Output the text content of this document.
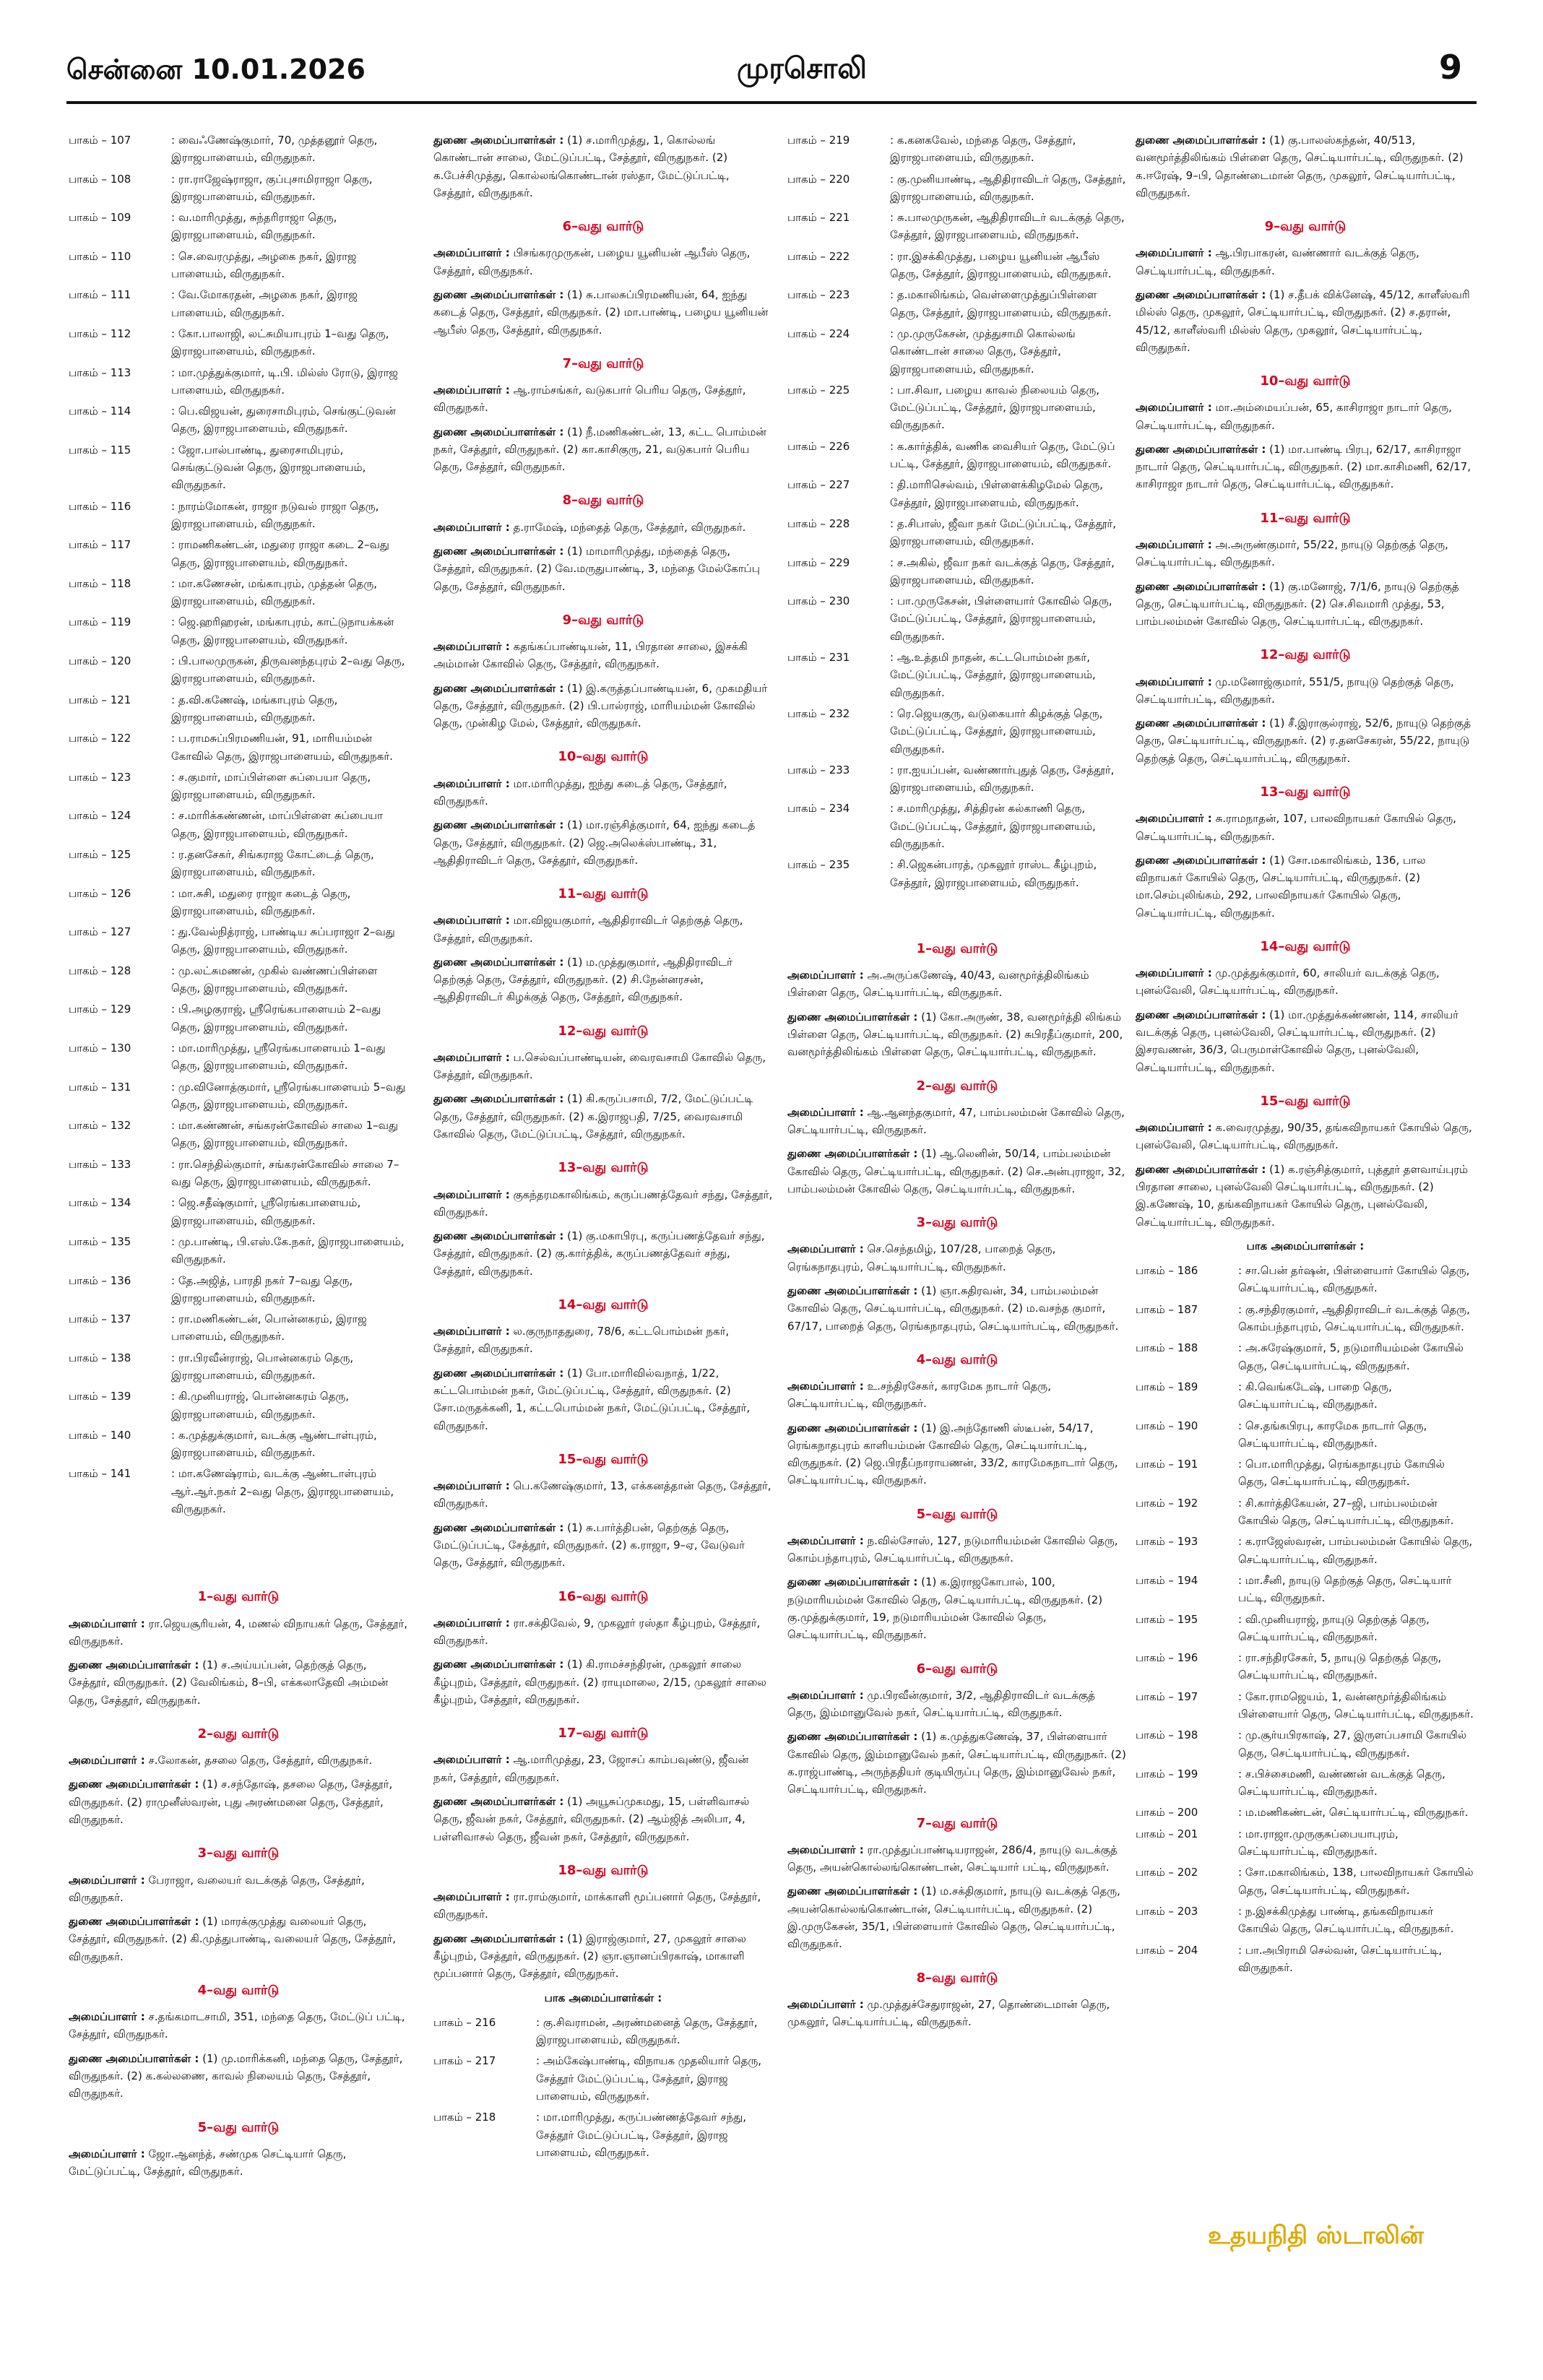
சென்னை 10.01.2026	முரசொலி	9
பாகம் – 107	: வைஃணேஷ்குமார், 70, முத்தனூர் தெரு, இராஜபாளையம், விருதுநகர்.
பாகம் – 108	: ரா.ராஜேஷ்ராஜா, குப்புசாமிராஜா தெரு, இராஜபாளையம், விருதுநகர்.
பாகம் – 109	: வ.மாரிமுத்து, சுந்தரிராஜா தெரு, இராஜபாளையம், விருதுநகர்.
பாகம் – 110	: செ.வைரமுத்து, அழகை நகர், இராஜ பாளையம், விருதுநகர்.
பாகம் – 111	: வே.மோகரதன், அழகை நகர், இராஜ பாளையம், விருதுநகர்.
பாகம் – 112	: கோ.பாலாஜி, லட்சுமியாபுரம் 1–வது தெரு, இராஜபாளையம், விருதுநகர்.
பாகம் – 113	: மா.முத்துக்குமார், டி.பி. மில்ஸ் ரோடு, இராஜ பாளையம், விருதுநகர்.
பாகம் – 114	: பெ.விஜயன், துரைசாமிபுரம், செங்குட்டுவன் தெரு, இராஜபாளையம், விருதுநகர்.
பாகம் – 115	: ஜோ.பால்பாண்டி, துரைசாமிபுரம், செங்குட்டுவன் தெரு, இராஜபாளையம், விருதுநகர்.
பாகம் – 116	: நாரம்மோகன், ராஜா நடுவல் ராஜா தெரு, இராஜபாளையம், விருதுநகர்.
பாகம் – 117	: ராமணிகண்டன், மதுரை ராஜா கடை 2–வது தெரு, இராஜபாளையம், விருதுநகர்.
பாகம் – 118	: மா.கணேசன், மங்காபுரம், முத்தன் தெரு, இராஜபாளையம், விருதுநகர்.
பாகம் – 119	: ஜெ.ஹரிஹரன், மங்காபுரம், காட்டுநாயக்கன் தெரு, இராஜபாளையம், விருதுநகர்.
பாகம் – 120	: பி.பாலமுருகன், திருவனந்தபுரம் 2–வது தெரு, இராஜபாளையம், விருதுநகர்.
பாகம் – 121	: த.வி.கணேஷ், மங்காபுரம் தெரு, இராஜபாளையம், விருதுநகர்.
பாகம் – 122	: ப.ராமசுப்பிரமணியன், 91, மாரியம்மன் கோவில் தெரு, இராஜபாளையம், விருதுநகர்.
பாகம் – 123	: ச.குமார், மாப்பிள்ளை சுப்பையா தெரு, இராஜபாளையம், விருதுநகர்.
பாகம் – 124	: ச.மாரிக்கண்ணன், மாப்பிள்ளை சுப்பையா தெரு, இராஜபாளையம், விருதுநகர்.
பாகம் – 125	: ர.தனசேகர், சிங்கராஜ கோட்டைத் தெரு, இராஜபாளையம், விருதுநகர்.
பாகம் – 126	: மா.சுசி, மதுரை ராஜா கடைத் தெரு, இராஜபாளையம், விருதுநகர்.
பாகம் – 127	: து.வேல்நித்ராஜ், பாண்டிய சுப்பராஜா 2–வது தெரு, இராஜபாளையம், விருதுநகர்.
பாகம் – 128	: மு.லட்சுமணன், முகில் வண்ணப்பிள்ளை தெரு, இராஜபாளையம், விருதுநகர்.
பாகம் – 129	: பி.அழகுராஜ், ஸ்ரீரெங்கபாளையம் 2–வது தெரு, இராஜபாளையம், விருதுநகர்.
பாகம் – 130	: மா.மாரிமுத்து, ஸ்ரீரெங்கபாளையம் 1–வது தெரு, இராஜபாளையம், விருதுநகர்.
பாகம் – 131	: மு.வினோத்குமார், ஸ்ரீரெங்கபாளையம் 5–வது தெரு, இராஜபாளையம், விருதுநகர்.
பாகம் – 132	: மா.கண்ணன், சங்கரன்கோவில் சாலை 1–வது தெரு, இராஜபாளையம், விருதுநகர்.
பாகம் – 133	: ரா.செந்தில்குமார், சங்கரன்கோவில் சாலை 7–வது தெரு, இராஜபாளையம், விருதுநகர்.
பாகம் – 134	: ஜெ.சதீஷ்குமார், ஸ்ரீரெங்கபாளையம், இராஜபாளையம், விருதுநகர்.
பாகம் – 135	: மு.பாண்டி, பி.எஸ்.கே.நகர், இராஜபாளையம், விருதுநகர்.
பாகம் – 136	: தே.அஜித், பாரதி நகர் 7–வது தெரு, இராஜபாளையம், விருதுநகர்.
பாகம் – 137	: ரா.மணிகண்டன், பொன்னகரம், இராஜ பாளையம், விருதுநகர்.
பாகம் – 138	: ரா.பிரவீன்ராஜ், பொன்னகரம் தெரு, இராஜபாளையம், விருதுநகர்.
பாகம் – 139	: கி.முனியராஜ், பொன்னகரம் தெரு, இராஜபாளையம், விருதுநகர்.
பாகம் – 140	: க.முத்துக்குமார், வடக்கு ஆண்டாள்புரம், இராஜபாளையம், விருதுநகர்.
பாகம் – 141	: மா.கணேஷ்ராம், வடக்கு ஆண்டாள்புரம் ஆர்.ஆர்.நகர் 2–வது தெரு, இராஜபாளையம், விருதுநகர்.
1–வது வார்டு
அமைப்பாளர் : ரா.ஜெயசூரியன், 4, மணல் விநாயகர் தெரு, சேத்தூர், விருதுநகர்.
துணை அமைப்பாளர்கள் : (1) ச.அய்யப்பன், தெற்குத் தெரு, சேத்தூர், விருதுநகர். (2) வேலிங்கம், 8–பி, எக்கலாதேவி அம்மன் தெரு, சேத்தூர், விருதுநகர்.
2–வது வார்டு
அமைப்பாளர் : ச.லோகன், தசலை தெரு, சேத்தூர், விருதுநகர்.
துணை அமைப்பாளர்கள் : (1) ச.சந்தோஷ், தசலை தெரு, சேத்தூர், விருதுநகர். (2) ராமுனீஸ்வரன், புது அரண்மனை தெரு, சேத்தூர், விருதுநகர்.
3–வது வார்டு
அமைப்பாளர் : பேராஜா, வலையர் வடக்குத் தெரு, சேத்தூர், விருதுநகர்.
துணை அமைப்பாளர்கள் : (1) மாரக்குமுத்து வலையர் தெரு, சேத்தூர், விருதுநகர். (2) கி.முத்துபாண்டி, வலையர் தெரு, சேத்தூர், விருதுநகர்.
4–வது வார்டு
அமைப்பாளர் : ச.தங்கமாடசாமி, 351, மந்தை தெரு, மேட்டுப் பட்டி, சேத்தூர், விருதுநகர்.
துணை அமைப்பாளர்கள் : (1) மு.மாரிக்கனி, மந்தை தெரு, சேத்தூர், விருதுநகர். (2) க.கல்லணை, காவல் நிலையம் தெரு, சேத்தூர், விருதுநகர்.
5–வது வார்டு
அமைப்பாளர் : ஜோ.ஆனந்த், சண்முக செட்டியார் தெரு, மேட்டுப்பட்டி, சேத்தூர், விருதுநகர்.
துணை அமைப்பாளர்கள் : (1) ச.மாரிமுத்து, 1, கொல்லங் கொண்டான் சாலை, மேட்டுப்பட்டி, சேத்தூர், விருதுநகர். (2) க.பேச்சிமுத்து, கொல்லங்கொண்டான் ரஸ்தா, மேட்டுப்பட்டி, சேத்தூர், விருதுநகர்.
6–வது வார்டு
அமைப்பாளர் : பிசங்கரமுருகன், பழைய யூனியன் ஆபீஸ் தெரு, சேத்தூர், விருதுநகர்.
துணை அமைப்பாளர்கள் : (1) சு.பாலசுப்பிரமணியன், 64, ஐந்து கடைத் தெரு, சேத்தூர், விருதுநகர். (2) மா.பாண்டி, பழைய யூனியன் ஆபீஸ் தெரு, சேத்தூர், விருதுநகர்.
7–வது வார்டு
அமைப்பாளர் : ஆ.ராம்சங்கர், வடுகபார் பெரிய தெரு, சேத்தூர், விருதுநகர்.
துணை அமைப்பாளர்கள் : (1) நீ.மணிகண்டன், 13, கட்ட பொம்மன் நகர், சேத்தூர், விருதுநகர். (2) கா.காசிகுரு, 21, வடுகபார் பெரிய தெரு, சேத்தூர், விருதுநகர்.
8–வது வார்டு
அமைப்பாளர் : த.ராமேஷ், மந்தைத் தெரு, சேத்தூர், விருதுநகர்.
துணை அமைப்பாளர்கள் : (1) மாமாரிமுத்து, மந்தைத் தெரு, சேத்தூர், விருதுநகர். (2) வே.மருதுபாண்டி, 3, மந்தை மேல்கோப்பு தெரு, சேத்தூர், விருதுநகர்.
9–வது வார்டு
அமைப்பாளர் : கதங்கப்பாண்டியன், 11, பிரதான சாலை, இசக்கி அம்மான் கோவில் தெரு, சேத்தூர், விருதுநகர்.
துணை அமைப்பாளர்கள் : (1) இ.கருத்தப்பாண்டியன், 6, முகமதியர் தெரு, சேத்தூர், விருதுநகர். (2) பி.பால்ராஜ், மாரியம்மன் கோவில் தெரு, முன்கிழ மேல், சேத்தூர், விருதுநகர்.
10–வது வார்டு
அமைப்பாளர் : மா.மாரிமுத்து, ஐந்து கடைத் தெரு, சேத்தூர், விருதுநகர்.
துணை அமைப்பாளர்கள் : (1) மா.ரஞ்சித்குமார், 64, ஐந்து கடைத் தெரு, சேத்தூர், விருதுநகர். (2) ஜெ.அலெக்ஸ்பாண்டி, 31, ஆதிதிராவிடர் தெரு, சேத்தூர், விருதுநகர்.
11–வது வார்டு
அமைப்பாளர் : மா.விஜயகுமார், ஆதிதிராவிடர் தெற்குத் தெரு, சேத்தூர், விருதுநகர்.
துணை அமைப்பாளர்கள் : (1) ம.முத்துகுமார், ஆதிதிராவிடர் தெற்குத் தெரு, சேத்தூர், விருதுநகர். (2) சி.நேன்னரசன், ஆதிதிராவிடர் கிழக்குத் தெரு, சேத்தூர், விருதுநகர்.
12–வது வார்டு
அமைப்பாளர் : ப.செல்வப்பாண்டியன், வைரவசாமி கோவில் தெரு, சேத்தூர், விருதுநகர்.
துணை அமைப்பாளர்கள் : (1) கி.கருப்பசாமி, 7/2, மேட்டுப்பட்டி தெரு, சேத்தூர், விருதுநகர். (2) க.இராஜபதி, 7/25, வைரவசாமி கோவில் தெரு, மேட்டுப்பட்டி, சேத்தூர், விருதுநகர்.
13–வது வார்டு
அமைப்பாளர் : குகந்தரமகாலிங்கம், கருப்பணத்தேவர் சந்து, சேத்தூர், விருதுநகர்.
துணை அமைப்பாளர்கள் : (1) கு.மகாபிரபு, கருப்பணத்தேவர் சந்து, சேத்தூர், விருதுநகர். (2) கு.கார்த்திக், கருப்பணத்தேவர் சந்து, சேத்தூர், விருதுநகர்.
14–வது வார்டு
அமைப்பாளர் : ல.குருநாததுரை, 78/6, கட்டபொம்மன் நகர், சேத்தூர், விருதுநகர்.
துணை அமைப்பாளர்கள் : (1) போ.மாரிவில்வநாத், 1/22, கட்டபொம்மன் நகர், மேட்டுப்பட்டி, சேத்தூர், விருதுநகர். (2) சோ.மருதக்கனி, 1, கட்டபொம்மன் நகர், மேட்டுப்பட்டி, சேத்தூர், விருதுநகர்.
15–வது வார்டு
அமைப்பாளர் : பெ.கணேஷ்குமார், 13, எக்கனத்தான் தெரு, சேத்தூர், விருதுநகர்.
துணை அமைப்பாளர்கள் : (1) சு.பார்த்திபன், தெற்குத் தெரு, மேட்டுப்பட்டி, சேத்தூர், விருதுநகர். (2) க.ராஜா, 9–ஏ, வேடுவர் தெரு, சேத்தூர், விருதுநகர்.
16–வது வார்டு
அமைப்பாளர் : ரா.சக்திவேல், 9, முகலூர் ரஸ்தா கீழ்புறம், சேத்தூர், விருதுநகர்.
துணை அமைப்பாளர்கள் : (1) கி.ராமச்சந்திரன், முகலூர் சாலை கீழ்புறம், சேத்தூர், விருதுநகர். (2) ராயுமாலை, 2/15, முகலூர் சாலை கீழ்புறம், சேத்தூர், விருதுநகர்.
17–வது வார்டு
அமைப்பாளர் : ஆ.மாரிமுத்து, 23, ஜோசப் காம்பவுண்டு, ஜீவன் நகர், சேத்தூர், விருதுநகர்.
துணை அமைப்பாளர்கள் : (1) அயூசுப்முகமது, 15, பள்ளிவாசல் தெரு, ஜீவன் நகர், சேத்தூர், விருதுநகர். (2) ஆம்ஜித் அலிபா, 4, பள்ளிவாசல் தெரு, ஜீவன் நகர், சேத்தூர், விருதுநகர்.
18–வது வார்டு
அமைப்பாளர் : ரா.ராம்குமார், மாக்காளி மூப்பனார் தெரு, சேத்தூர், விருதுநகர்.
துணை அமைப்பாளர்கள் : (1) இராஜ்குமார், 27, முகலூர் சாலை கீழ்புறம், சேத்தூர், விருதுநகர். (2) ஞா.ஞானப்பிரகாஷ், மாகாளி மூப்பனார் தெரு, சேத்தூர், விருதுநகர்.
பாக அமைப்பாளர்கள் :
பாகம் – 216	: கு.சிவராமன், அரண்மனைத் தெரு, சேத்தூர், இராஜபாளையம், விருதுநகர்.
பாகம் – 217	: அம்கேஷ்பாண்டி, விநாயக முதலியார் தெரு, சேத்தூர் மேட்டுப்பட்டி, சேத்தூர், இராஜ பாளையம், விருதுநகர்.
பாகம் – 218	: மா.மாரிமுத்து, கருப்பண்ணத்தேவர் சந்து, சேத்தூர் மேட்டுப்பட்டி, சேத்தூர், இராஜ பாளையம், விருதுநகர்.
பாகம் – 219	: க.கனகவேல், மந்தை தெரு, சேத்தூர், இராஜபாளையம், விருதுநகர்.
பாகம் – 220	: கு.முனியாண்டி, ஆதிதிராவிடர் தெரு, சேத்தூர், இராஜபாளையம், விருதுநகர்.
பாகம் – 221	: சு.பாலமுருகன், ஆதிதிராவிடர் வடக்குத் தெரு, சேத்தூர், இராஜபாளையம், விருதுநகர்.
பாகம் – 222	: ரா.இசக்கிமுத்து, பழைய யூனியன் ஆபீஸ் தெரு, சேத்தூர், இராஜபாளையம், விருதுநகர்.
பாகம் – 223	: த.மகாலிங்கம், வெள்ளைமுத்துப்பிள்ளை தெரு, சேத்தூர், இராஜபாளையம், விருதுநகர்.
பாகம் – 224	: மு.முருகேசன், முத்துசாமி கொல்லங் கொண்டான் சாலை தெரு, சேத்தூர், இராஜபாளையம், விருதுநகர்.
பாகம் – 225	: பா.சிவா, பழைய காவல் நிலையம் தெரு, மேட்டுப்பட்டி, சேத்தூர், இராஜபாளையம், விருதுநகர்.
பாகம் – 226	: க.கார்த்திக், வணிக வைசியர் தெரு, மேட்டுப் பட்டி, சேத்தூர், இராஜபாளையம், விருதுநகர்.
பாகம் – 227	: தி.மாரிசெல்வம், பிள்ளைக்கிழமேல் தெரு, சேத்தூர், இராஜபாளையம், விருதுநகர்.
பாகம் – 228	: த.சிபாஸ், ஜீவா நகர் மேட்டுப்பட்டி, சேத்தூர், இராஜபாளையம், விருதுநகர்.
பாகம் – 229	: ச.அகில், ஜீவா நகர் வடக்குத் தெரு, சேத்தூர், இராஜபாளையம், விருதுநகர்.
பாகம் – 230	: பா.முருகேசன், பிள்ளையார் கோவில் தெரு, மேட்டுப்பட்டி, சேத்தூர், இராஜபாளையம், விருதுநகர்.
பாகம் – 231	: ஆ.உத்தமி நாதன், கட்டபொம்மன் நகர், மேட்டுப்பட்டி, சேத்தூர், இராஜபாளையம், விருதுநகர்.
பாகம் – 232	: ரெ.ஜெயகுரு, வடுகையார் கிழக்குத் தெரு, மேட்டுப்பட்டி, சேத்தூர், இராஜபாளையம், விருதுநகர்.
பாகம் – 233	: ரா.ஐயப்பன், வண்ணார்புதுத் தெரு, சேத்தூர், இராஜபாளையம், விருதுநகர்.
பாகம் – 234	: ச.மாரிமுத்து, சித்திரன் கல்காணி தெரு, மேட்டுப்பட்டி, சேத்தூர், இராஜபாளையம், விருதுநகர்.
பாகம் – 235	: சி.ஜெகன்பாரத், முகலூர் ராஸ்ட கீழ்புறம், சேத்தூர், இராஜபாளையம், விருதுநகர்.
1–வது வார்டு
அமைப்பாளர் : அ.அருப்கணேஷ், 40/43, வனமூர்த்திலிங்கம் பிள்ளை தெரு, செட்டியார்பட்டி, விருதுநகர்.
துணை அமைப்பாளர்கள் : (1) கோ.அருண், 38, வனமூர்த்தி லிங்கம் பிள்ளை தெரு, செட்டியார்பட்டி, விருதுநகர். (2) சுபிரதீப்குமார், 200, வனமூர்த்திலிங்கம் பிள்ளை தெரு, செட்டியார்பட்டி, விருதுநகர்.
2–வது வார்டு
அமைப்பாளர் : ஆ.ஆனந்தகுமார், 47, பாம்பலம்மன் கோவில் தெரு, செட்டியார்பட்டி, விருதுநகர்.
துணை அமைப்பாளர்கள் : (1) ஆ.லெனின், 50/14, பாம்பலம்மன் கோவில் தெரு, செட்டியார்பட்டி, விருதுநகர். (2) செ.அன்புராஜா, 32, பாம்பலம்மன் கோவில் தெரு, செட்டியார்பட்டி, விருதுநகர்.
3–வது வார்டு
அமைப்பாளர் : செ.செந்தமிழ், 107/28, பாறைத் தெரு, ரெங்கநாதபுரம், செட்டியார்பட்டி, விருதுநகர்.
துணை அமைப்பாளர்கள் : (1) ஞா.சுதிரவன், 34, பாம்பலம்மன் கோவில் தெரு, செட்டியார்பட்டி, விருதுநகர். (2) ம.வசந்த குமார், 67/17, பாறைத் தெரு, ரெங்கநாதபுரம், செட்டியார்பட்டி, விருதுநகர்.
4–வது வார்டு
அமைப்பாளர் : உ.சந்திரசேகர், காரமேக நாடார் தெரு, செட்டியார்பட்டி, விருதுநகர்.
துணை அமைப்பாளர்கள் : (1) இ.அந்தோணி ஸ்டீபன், 54/17, ரெங்கநாதபுரம் காளியம்மன் கோவில் தெரு, செட்டியார்பட்டி, விருதுநகர். (2) ஜெ.பிரதீப்நாராயணன், 33/2, காரமேகநாடார் தெரு, செட்டியார்பட்டி, விருதுநகர்.
5–வது வார்டு
அமைப்பாளர் : ந.வில்சோஸ், 127, நடுமாரியம்மன் கோவில் தெரு, கொம்பந்தாபுரம், செட்டியார்பட்டி, விருதுநகர்.
துணை அமைப்பாளர்கள் : (1) க.இராஜகோபால், 100, நடுமாரியம்மன் கோவில் தெரு, செட்டியார்பட்டி, விருதுநகர். (2) கு.முத்துக்குமார், 19, நடுமாரியம்மன் கோவில் தெரு, செட்டியார்பட்டி, விருதுநகர்.
6–வது வார்டு
அமைப்பாளர் : மு.பிரவீன்குமார், 3/2, ஆதிதிராவிடர் வடக்குத் தெரு, இம்மானுவேல் நகர், செட்டியார்பட்டி, விருதுநகர்.
துணை அமைப்பாளர்கள் : (1) க.முத்துகணேஷ், 37, பிள்ளையார் கோவில் தெரு, இம்மானுவேல் நகர், செட்டியார்பட்டி, விருதுநகர். (2) க.ராஜ்பாண்டி, அருந்ததியர் குடியிருப்பு தெரு, இம்மானுவேல் நகர், செட்டியார்பட்டி, விருதுநகர்.
7–வது வார்டு
அமைப்பாளர் : ரா.முத்துப்பாண்டியராஜன், 286/4, நாயுடு வடக்குத் தெரு, அயன்கொல்லங்கொண்டான், செட்டியார் பட்டி, விருதுநகர்.
துணை அமைப்பாளர்கள் : (1) ம.சக்திகுமார், நாயுடு வடக்குத் தெரு, அயன்கொல்லங்கொண்டான், செட்டியார்பட்டி, விருதுநகர். (2) இ.முருகேசன், 35/1, பிள்ளையார் கோவில் தெரு, செட்டியார்பட்டி, விருதுநகர்.
8–வது வார்டு
அமைப்பாளர் : மு.முத்துச்சேதுராஜன், 27, தொண்டைமான் தெரு, முகலூர், செட்டியார்பட்டி, விருதுநகர்.
துணை அமைப்பாளர்கள் : (1) கு.பாலஸ்கந்தன், 40/513, வனமூர்த்திலிங்கம் பிள்ளை தெரு, செட்டியார்பட்டி, விருதுநகர். (2) க.ஈரேஷ், 9–பி, தொண்டைமான் தெரு, முகலூர், செட்டியார்பட்டி, விருதுநகர்.
9–வது வார்டு
அமைப்பாளர் : ஆ.பிரபாகரன், வண்ணார் வடக்குத் தெரு, செட்டியார்பட்டி, விருதுநகர்.
துணை அமைப்பாளர்கள் : (1) ச.தீபக் விக்னேஷ், 45/12, காளீஸ்வரி மில்ஸ் தெரு, முகலூர், செட்டியார்பட்டி, விருதுநகர். (2) ச.தரான், 45/12, காளீஸ்வரி மில்ஸ் தெரு, முகலூர், செட்டியார்பட்டி, விருதுநகர்.
10–வது வார்டு
அமைப்பாளர் : மா.அம்மையப்பன், 65, காசிராஜா நாடார் தெரு, செட்டியார்பட்டி, விருதுநகர்.
துணை அமைப்பாளர்கள் : (1) மா.பாண்டி பிரபு, 62/17, காசிராஜா நாடார் தெரு, செட்டியார்பட்டி, விருதுநகர். (2) மா.காசிமணி, 62/17, காசிராஜா நாடார் தெரு, செட்டியார்பட்டி, விருதுநகர்.
11–வது வார்டு
அமைப்பாளர் : அ.அருண்குமார், 55/22, நாயுடு தெற்குத் தெரு, செட்டியார்பட்டி, விருதுநகர்.
துணை அமைப்பாளர்கள் : (1) கு.மனோஜ், 7/1/6, நாயுடு தெற்குத் தெரு, செட்டியார்பட்டி, விருதுநகர். (2) செ.சிவமாரி முத்து, 53, பாம்பலம்மன் கோவில் தெரு, செட்டியார்பட்டி, விருதுநகர்.
12–வது வார்டு
அமைப்பாளர் : மு.மனோஜ்குமார், 551/5, நாயுடு தெற்குத் தெரு, செட்டியார்பட்டி, விருதுநகர்.
துணை அமைப்பாளர்கள் : (1) சீ.இராகுல்ராஜ், 52/6, நாயுடு தெற்குத் தெரு, செட்டியார்பட்டி, விருதுநகர். (2) ர.தனசேகரன், 55/22, நாயுடு தெற்குத் தெரு, செட்டியார்பட்டி, விருதுநகர்.
13–வது வார்டு
அமைப்பாளர் : சு.ராமநாதன், 107, பாலவிநாயகர் கோயில் தெரு, செட்டியார்பட்டி, விருதுநகர்.
துணை அமைப்பாளர்கள் : (1) சோ.மகாலிங்கம், 136, பால விநாயகர் கோயில் தெரு, செட்டியார்பட்டி, விருதுநகர். (2) மா.செம்புலிங்கம், 292, பாலவிநாயகர் கோயில் தெரு, செட்டியார்பட்டி, விருதுநகர்.
14–வது வார்டு
அமைப்பாளர் : மு.முத்துக்குமார், 60, சாலியர் வடக்குத் தெரு, புனல்வேலி, செட்டியார்பட்டி, விருதுநகர்.
துணை அமைப்பாளர்கள் : (1) மா.முத்துக்கண்ணன், 114, சாலியர் வடக்குத் தெரு, புனல்வேலி, செட்டியார்பட்டி, விருதுநகர். (2) இசரவணன், 36/3, பெருமாள்கோவில் தெரு, புனல்வேலி, செட்டியார்பட்டி, விருதுநகர்.
15–வது வார்டு
அமைப்பாளர் : க.வைரமுத்து, 90/35, தங்கவிநாயகர் கோயில் தெரு, புனல்வேலி, செட்டியார்பட்டி, விருதுநகர்.
துணை அமைப்பாளர்கள் : (1) க.ரஞ்சித்குமார், புத்தூர் தளவாய்புரம் பிரதான சாலை, புனல்வேலி செட்டியார்பட்டி, விருதுநகர். (2) இ.கணேஷ், 10, தங்கவிநாயகர் கோயில் தெரு, புனல்வேலி, செட்டியார்பட்டி, விருதுநகர்.
பாக அமைப்பாளர்கள் :
பாகம் – 186	: சா.பென் தர்ஷன், பிள்ளையார் கோயில் தெரு, செட்டியார்பட்டி, விருதுநகர்.
பாகம் – 187	: கு.சந்திரகுமார், ஆதிதிராவிடர் வடக்குத் தெரு, கொம்பந்தாபுரம், செட்டியார்பட்டி, விருதுநகர்.
பாகம் – 188	: அ.சுரேஷ்குமார், 5, நடுமாரியம்மன் கோயில் தெரு, செட்டியார்பட்டி, விருதுநகர்.
பாகம் – 189	: கி.வெங்கடேஷ், பாறை தெரு, செட்டியார்பட்டி, விருதுநகர்.
பாகம் – 190	: செ.தங்கபிரபு, காரமேக நாடார் தெரு, செட்டியார்பட்டி, விருதுநகர்.
பாகம் – 191	: பொ.மாரிமுத்து, ரெங்கநாதபுரம் கோயில் தெரு, செட்டியார்பட்டி, விருதுநகர்.
பாகம் – 192	: சி.கார்த்திகேயன், 27–ஜி, பாம்பலம்மன் கோயில் தெரு, செட்டியார்பட்டி, விருதுநகர்.
பாகம் – 193	: க.ராஜேஸ்வரன், பாம்பலம்மன் கோயில் தெரு, செட்டியார்பட்டி, விருதுநகர்.
பாகம் – 194	: மா.சீனி, நாயுடு தெற்குத் தெரு, செட்டியார் பட்டி, விருதுநகர்.
பாகம் – 195	: வி.முனியராஜ், நாயுடு தெற்குத் தெரு, செட்டியார்பட்டி, விருதுநகர்.
பாகம் – 196	: ரா.சந்திரசேகர், 5, நாயுடு தெற்குத் தெரு, செட்டியார்பட்டி, விருதுநகர்.
பாகம் – 197	: கோ.ராமஜெயம், 1, வன்னமூர்த்திலிங்கம் பிள்ளையார் தெரு, செட்டியார்பட்டி, விருதுநகர்.
பாகம் – 198	: மு.சூர்யபிரகாஷ், 27, இருளப்பசாமி கோயில் தெரு, செட்டியார்பட்டி, விருதுநகர்.
பாகம் – 199	: ச.பிச்சைமணி, வண்ணன் வடக்குத் தெரு, செட்டியார்பட்டி, விருதுநகர்.
பாகம் – 200	: ம.மணிகண்டன், செட்டியார்பட்டி, விருதுநகர்.
பாகம் – 201	: மா.ராஜா.முருகுசுப்பையாபுரம், செட்டியார்பட்டி, விருதுநகர்.
பாகம் – 202	: சோ.மகாலிங்கம், 138, பாலவிநாயகர் கோயில் தெரு, செட்டியார்பட்டி, விருதுநகர்.
பாகம் – 203	: ந.இசக்கிமுத்து பாண்டி, தங்கவிநாயகர் கோயில் தெரு, செட்டியார்பட்டி, விருதுநகர்.
பாகம் – 204	: பா.அபிராமி செல்வன், செட்டியார்பட்டி, விருதுநகர்.
உதயநிதி ஸ்டாலின்
